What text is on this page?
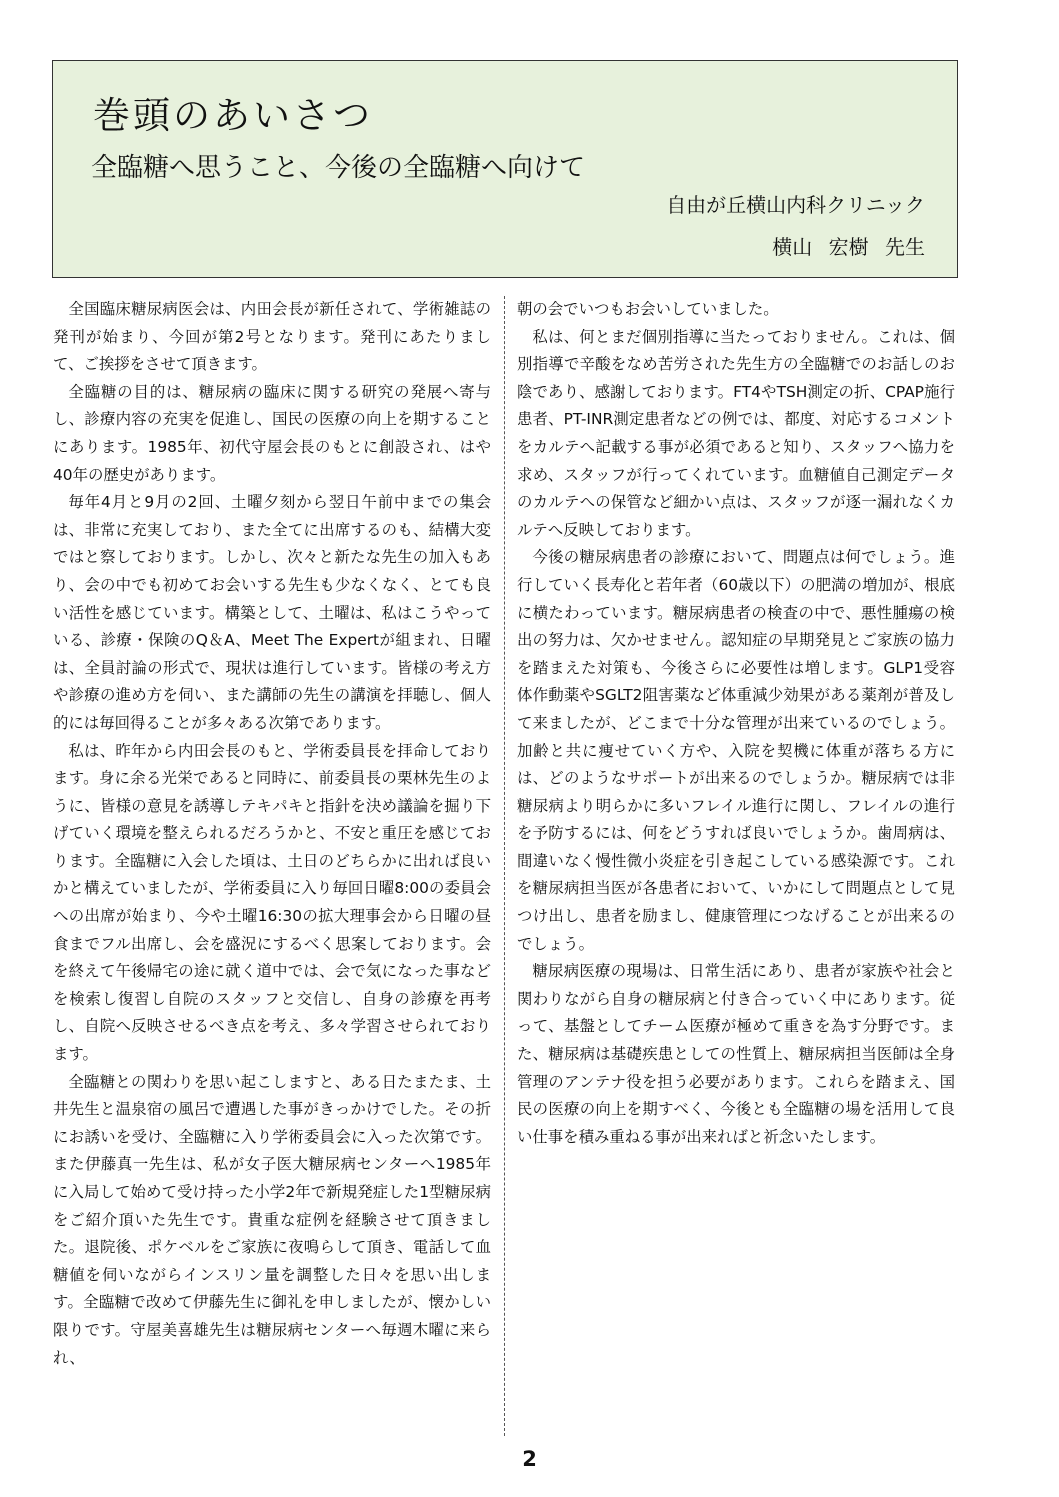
巻頭のあいさつ
全臨糖へ思うこと、今後の全臨糖へ向けて
自由が丘横山内科クリニック
横山 宏樹 先生

全国臨床糖尿病医会は、内田会長が新任されて、学術雑誌の発刊が始まり、今回が第2号となります。発刊にあたりまして、ご挨拶をさせて頂きます。

全臨糖の目的は、糖尿病の臨床に関する研究の発展へ寄与し、診療内容の充実を促進し、国民の医療の向上を期することにあります。1985年、初代守屋会長のもとに創設され、はや40年の歴史があります。

毎年4月と9月の2回、土曜夕刻から翌日午前中までの集会は、非常に充実しており、また全てに出席するのも、結構大変ではと察しております。しかし、次々と新たな先生の加入もあり、会の中でも初めてお会いする先生も少なくなく、とても良い活性を感じています。構築として、土曜は、私はこうやっている、診療・保険のQ＆A、Meet The Expertが組まれ、日曜は、全員討論の形式で、現状は進行しています。皆様の考え方や診療の進め方を伺い、また講師の先生の講演を拝聴し、個人的には毎回得ることが多々ある次第であります。

私は、昨年から内田会長のもと、学術委員長を拝命しております。身に余る光栄であると同時に、前委員長の栗林先生のように、皆様の意見を誘導しテキパキと指針を決め議論を掘り下げていく環境を整えられるだろうかと、不安と重圧を感じております。全臨糖に入会した頃は、土日のどちらかに出れば良いかと構えていましたが、学術委員に入り毎回日曜8:00の委員会への出席が始まり、今や土曜16:30の拡大理事会から日曜の昼食までフル出席し、会を盛況にするべく思案しております。会を終えて午後帰宅の途に就く道中では、会で気になった事などを検索し復習し自院のスタッフと交信し、自身の診療を再考し、自院へ反映させるべき点を考え、多々学習させられております。

全臨糖との関わりを思い起こしますと、ある日たまたま、土井先生と温泉宿の風呂で遭遇した事がきっかけでした。その折にお誘いを受け、全臨糖に入り学術委員会に入った次第です。また伊藤真一先生は、私が女子医大糖尿病センターへ1985年に入局して始めて受け持った小学2年で新規発症した1型糖尿病をご紹介頂いた先生です。貴重な症例を経験させて頂きました。退院後、ポケベルをご家族に夜鳴らして頂き、電話して血糖値を伺いながらインスリン量を調整した日々を思い出します。全臨糖で改めて伊藤先生に御礼を申しましたが、懐かしい限りです。守屋美喜雄先生は糖尿病センターへ毎週木曜に来られ、

朝の会でいつもお会いしていました。

私は、何とまだ個別指導に当たっておりません。これは、個別指導で辛酸をなめ苦労された先生方の全臨糖でのお話しのお陰であり、感謝しております。FT4やTSH測定の折、CPAP施行患者、PT-INR測定患者などの例では、都度、対応するコメントをカルテへ記載する事が必須であると知り、スタッフへ協力を求め、スタッフが行ってくれています。血糖値自己測定データのカルテへの保管など細かい点は、スタッフが逐一漏れなくカルテへ反映しております。

今後の糖尿病患者の診療において、問題点は何でしょう。進行していく長寿化と若年者（60歳以下）の肥満の増加が、根底に横たわっています。糖尿病患者の検査の中で、悪性腫瘍の検出の努力は、欠かせません。認知症の早期発見とご家族の協力を踏まえた対策も、今後さらに必要性は増します。GLP1受容体作動薬やSGLT2阻害薬など体重減少効果がある薬剤が普及して来ましたが、どこまで十分な管理が出来ているのでしょう。加齢と共に痩せていく方や、入院を契機に体重が落ちる方には、どのようなサポートが出来るのでしょうか。糖尿病では非糖尿病より明らかに多いフレイル進行に関し、フレイルの進行を予防するには、何をどうすれば良いでしょうか。歯周病は、間違いなく慢性微小炎症を引き起こしている感染源です。これを糖尿病担当医が各患者において、いかにして問題点として見つけ出し、患者を励まし、健康管理につなげることが出来るのでしょう。

糖尿病医療の現場は、日常生活にあり、患者が家族や社会と関わりながら自身の糖尿病と付き合っていく中にあります。従って、基盤としてチーム医療が極めて重きを為す分野です。また、糖尿病は基礎疾患としての性質上、糖尿病担当医師は全身管理のアンテナ役を担う必要があります。これらを踏まえ、国民の医療の向上を期すべく、今後とも全臨糖の場を活用して良い仕事を積み重ねる事が出来ればと祈念いたします。

2
